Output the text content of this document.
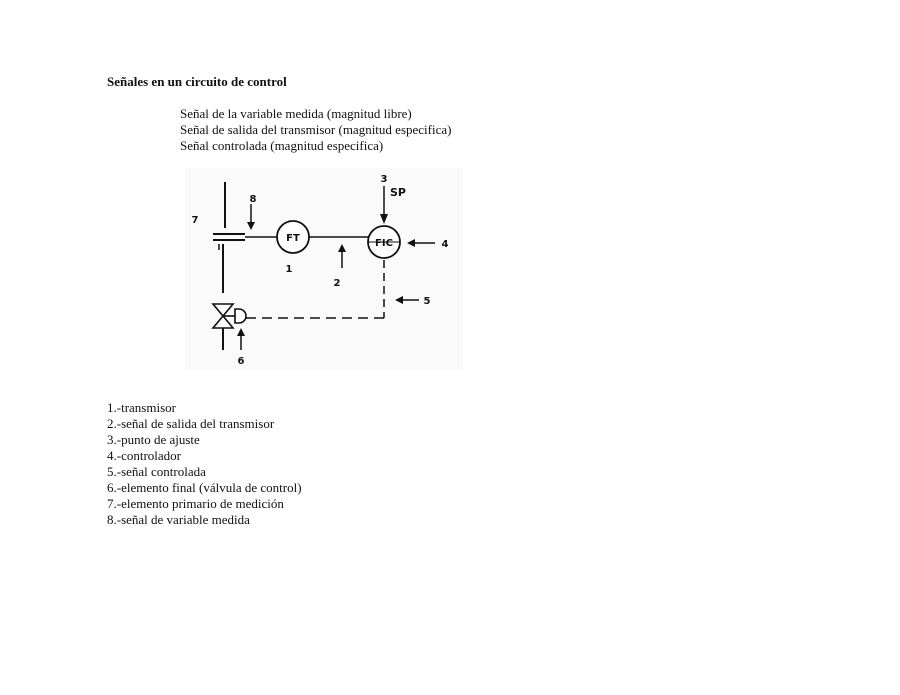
Señales en un circuito de control
Señal de la variable medida (magnitud libre)
Señal de salida del transmisor (magnitud especifica)
Señal controlada (magnitud especifica)
FT	FIC
3
SP
4
8
7
1
2
5
6
1.-transmisor
2.-señal de salida del transmisor
3.-punto de ajuste
4.-controlador
5.-señal controlada
6.-elemento final (válvula de control)
7.-elemento primario de medición
8.-señal de variable medida
